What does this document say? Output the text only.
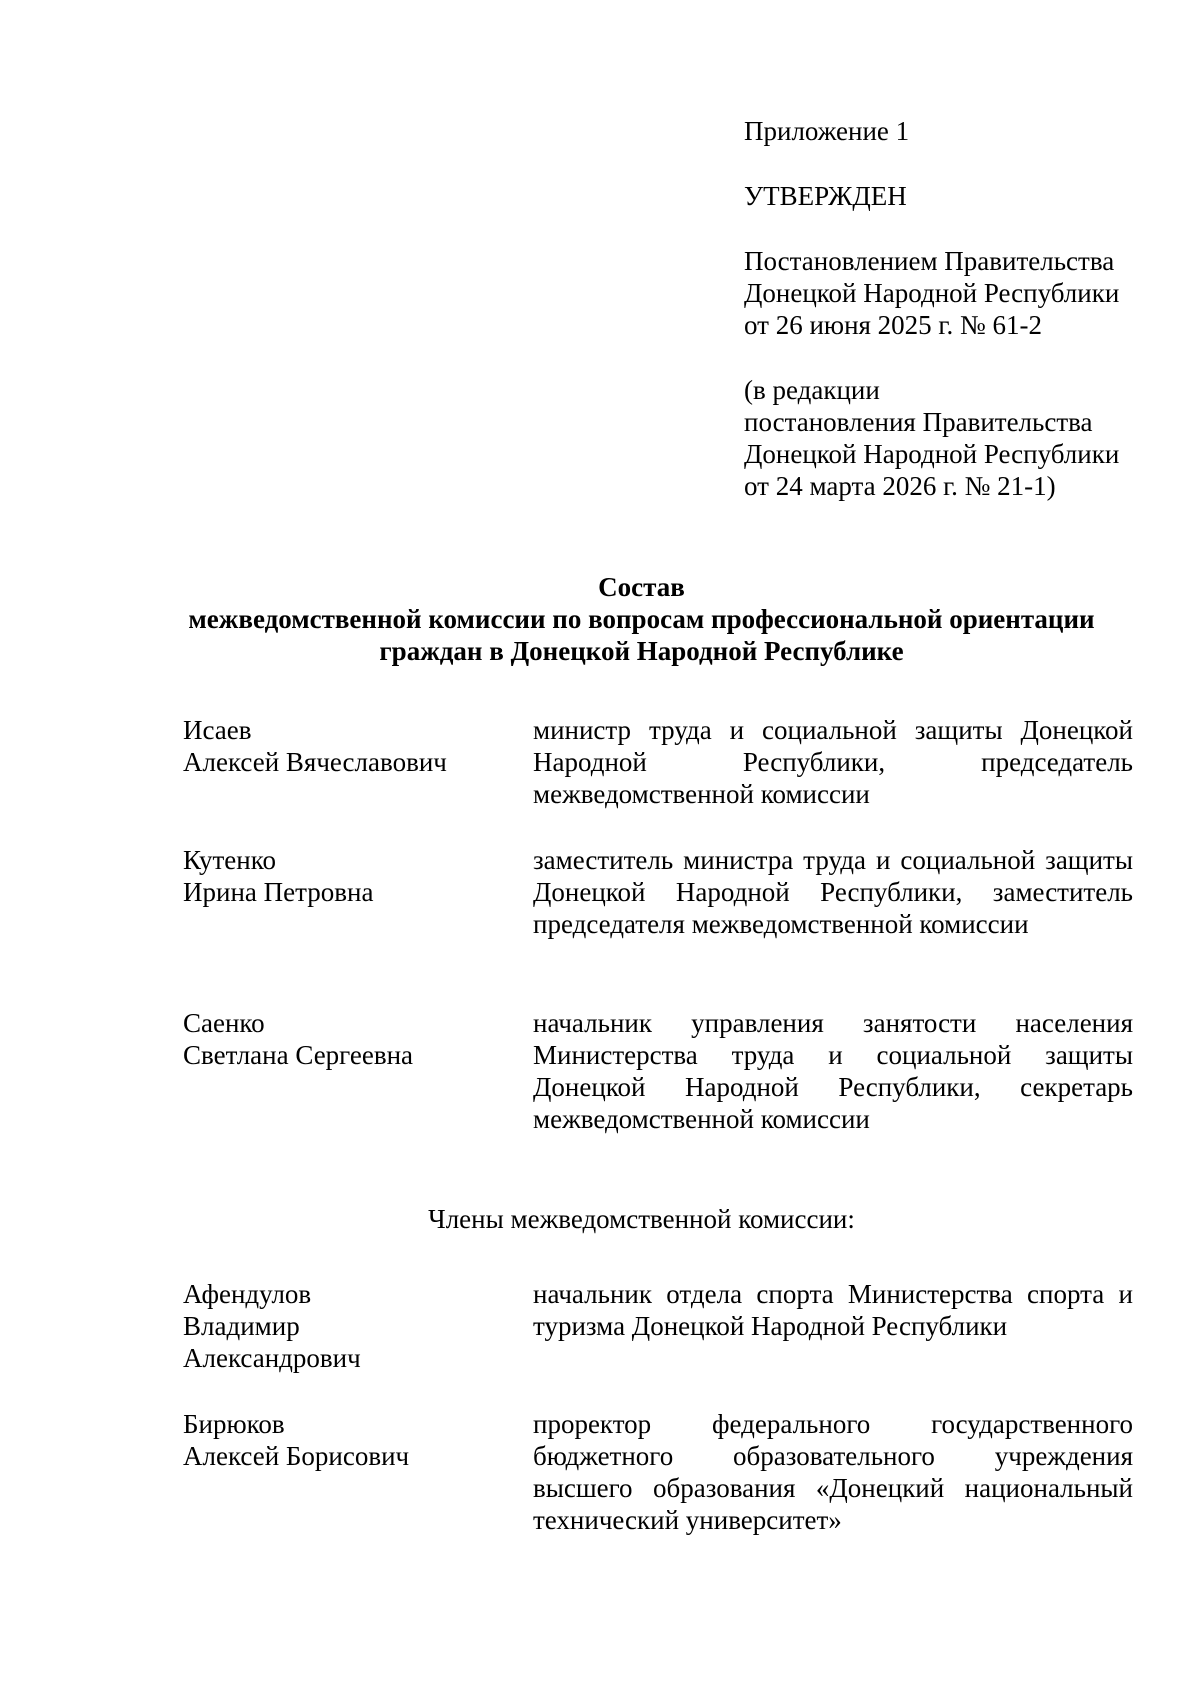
Приложение 1
УТВЕРЖДЕН
Постановлением Правительства
Донецкой Народной Республики
от 26 июня 2025 г. № 61-2
(в редакции
постановления Правительства
Донецкой Народной Республики
от 24 марта 2026 г. № 21-1)
Состав
межведомственной комиссии по вопросам профессиональной ориентации
граждан в Донецкой Народной Республике
Исаев
Алексей Вячеславович
министр труда и социальной защиты Донецкой Народной Республики, председатель межведомственной комиссии
Кутенко
Ирина Петровна
заместитель министра труда и социальной защиты Донецкой Народной Республики, заместитель председателя межведомственной комиссии
Саенко
Светлана Сергеевна
начальник управления занятости населения Министерства труда и социальной защиты Донецкой Народной Республики, секретарь межведомственной комиссии
Члены межведомственной комиссии:
Афендулов
Владимир
Александрович
начальник отдела спорта Министерства спорта и туризма Донецкой Народной Республики
Бирюков
Алексей Борисович
проректор федерального государственного бюджетного образовательного учреждения высшего образования «Донецкий национальный технический университет»
